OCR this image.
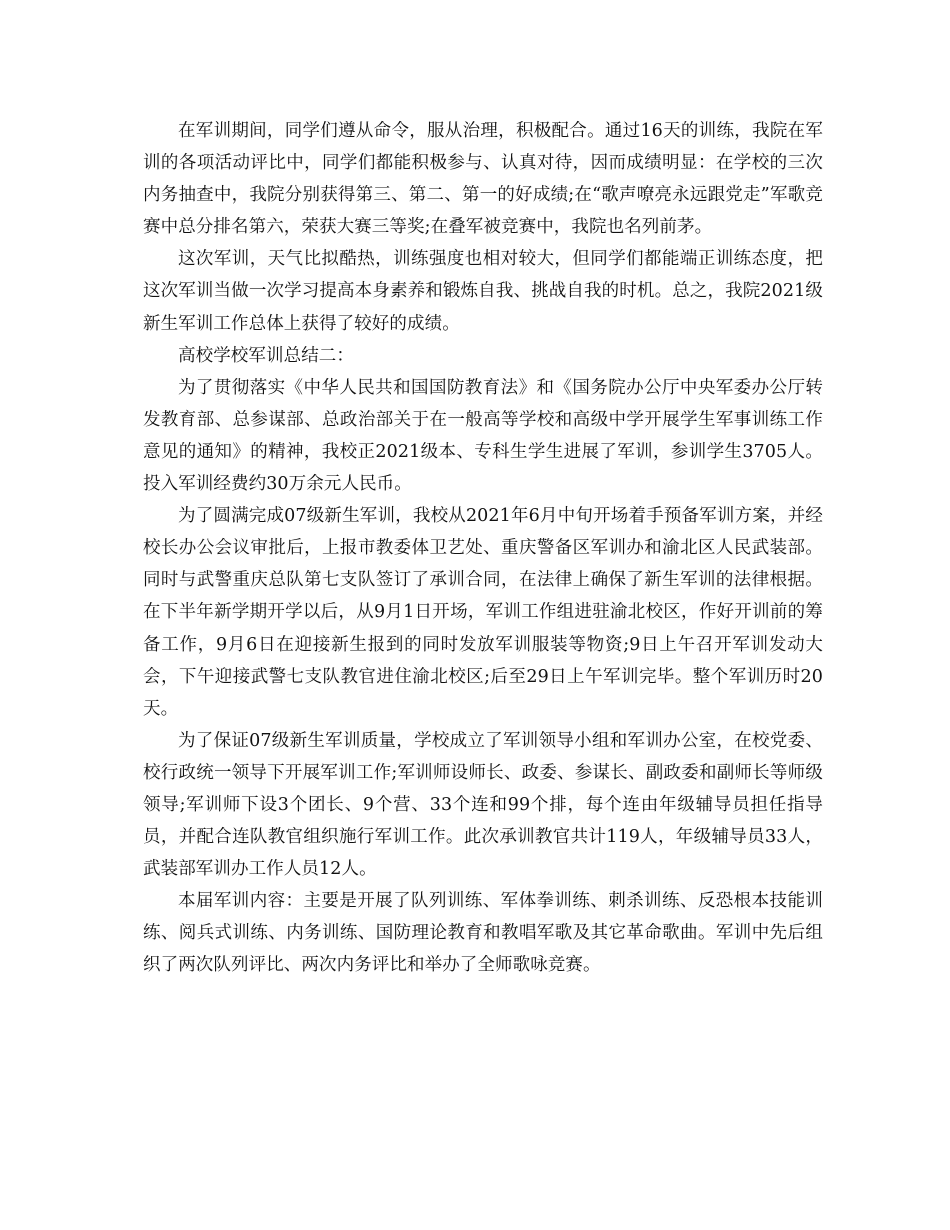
在军训期间，同学们遵从命令，服从治理，积极配合。通过16天的训练，我院在军训的各项活动评比中，同学们都能积极参与、认真对待，因而成绩明显：在学校的三次内务抽查中，我院分别获得第三、第二、第一的好成绩;在“歌声嘹亮永远跟党走”军歌竞赛中总分排名第六，荣获大赛三等奖;在叠军被竞赛中，我院也名列前茅。

这次军训，天气比拟酷热，训练强度也相对较大，但同学们都能端正训练态度，把这次军训当做一次学习提高本身素养和锻炼自我、挑战自我的时机。总之，我院2021级新生军训工作总体上获得了较好的成绩。

高校学校军训总结二：

为了贯彻落实《中华人民共和国国防教育法》和《国务院办公厅中央军委办公厅转发教育部、总参谋部、总政治部关于在一般高等学校和高级中学开展学生军事训练工作意见的通知》的精神，我校正2021级本、专科生学生进展了军训，参训学生3705人。投入军训经费约30万余元人民币。

为了圆满完成07级新生军训，我校从2021年6月中旬开场着手预备军训方案，并经校长办公会议审批后，上报市教委体卫艺处、重庆警备区军训办和渝北区人民武装部。同时与武警重庆总队第七支队签订了承训合同，在法律上确保了新生军训的法律根据。在下半年新学期开学以后，从9月1日开场，军训工作组进驻渝北校区，作好开训前的筹备工作，9月6日在迎接新生报到的同时发放军训服装等物资;9日上午召开军训发动大会，下午迎接武警七支队教官进住渝北校区;后至29日上午军训完毕。整个军训历时20天。

为了保证07级新生军训质量，学校成立了军训领导小组和军训办公室，在校党委、校行政统一领导下开展军训工作;军训师设师长、政委、参谋长、副政委和副师长等师级领导;军训师下设3个团长、9个营、33个连和99个排，每个连由年级辅导员担任指导员，并配合连队教官组织施行军训工作。此次承训教官共计119人，年级辅导员33人，武装部军训办工作人员12人。

本届军训内容：主要是开展了队列训练、军体拳训练、刺杀训练、反恐根本技能训练、阅兵式训练、内务训练、国防理论教育和教唱军歌及其它革命歌曲。军训中先后组织了两次队列评比、两次内务评比和举办了全师歌咏竞赛。
